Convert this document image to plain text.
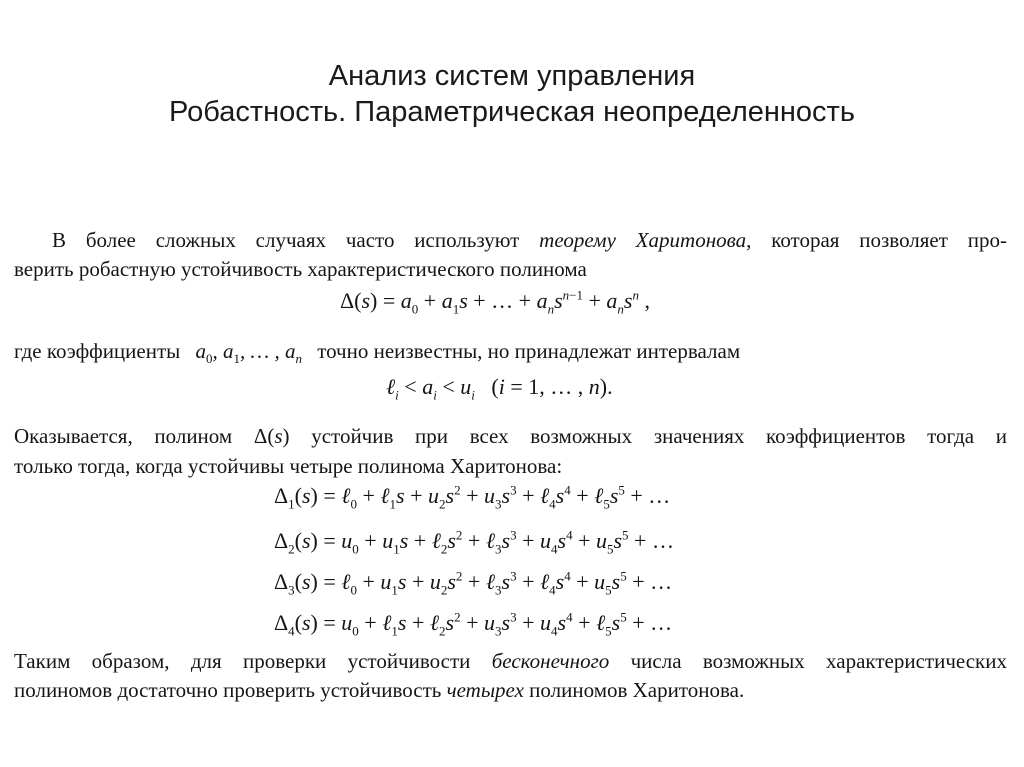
Анализ систем управления
Робастность. Параметрическая неопределенность
В более сложных случаях часто используют теорему Харитонова, которая позволяет про-
верить робастную устойчивость характеристического полинома
$\Delta(s) = a_0 + a_1s$ + … + $a_ns^{n-1} + a_ns^n$ ,
где коэффициенты $a_0$, $a_1$, … , $a_n$ точно неизвестны, но принадлежат интервалам
ℓ$_i$ < $a_i < u_i$ (i = 1, … , n).
Оказывается, полином Δ(s) устойчив при всех возможных значениях коэффициентов тогда и
только тогда, когда устойчивы четыре полинома Харитонова:
$\Delta_1(s)$ = ℓ$_0$ + ℓ$_1$s + $u_2s^2 + u_3s^3$ + $\ell_4s^4$ + $\ell_5s^5$ + …
$\Delta_2(s) = u_0 + u_1s$ + $\ell_2s^2$ + $\ell_3s^3 + u_4s^4 + u_5s^5$ + …
$\Delta_3(s)$ = ℓ$_0$ + $u_1s + u_2s^2$ + $\ell_3s^3$ + $\ell_4s^4 + u_5s^5$ + …
$\Delta_4(s) = u_0$ + ℓ$_1$s + $\ell_2s^2 + u_3s^3 + u_4s^4$ + $\ell_5s^5$ + …
Таким образом, для проверки устойчивости бесконечного числа возможных характеристических
полиномов достаточно проверить устойчивость четырех полиномов Харитонова.
